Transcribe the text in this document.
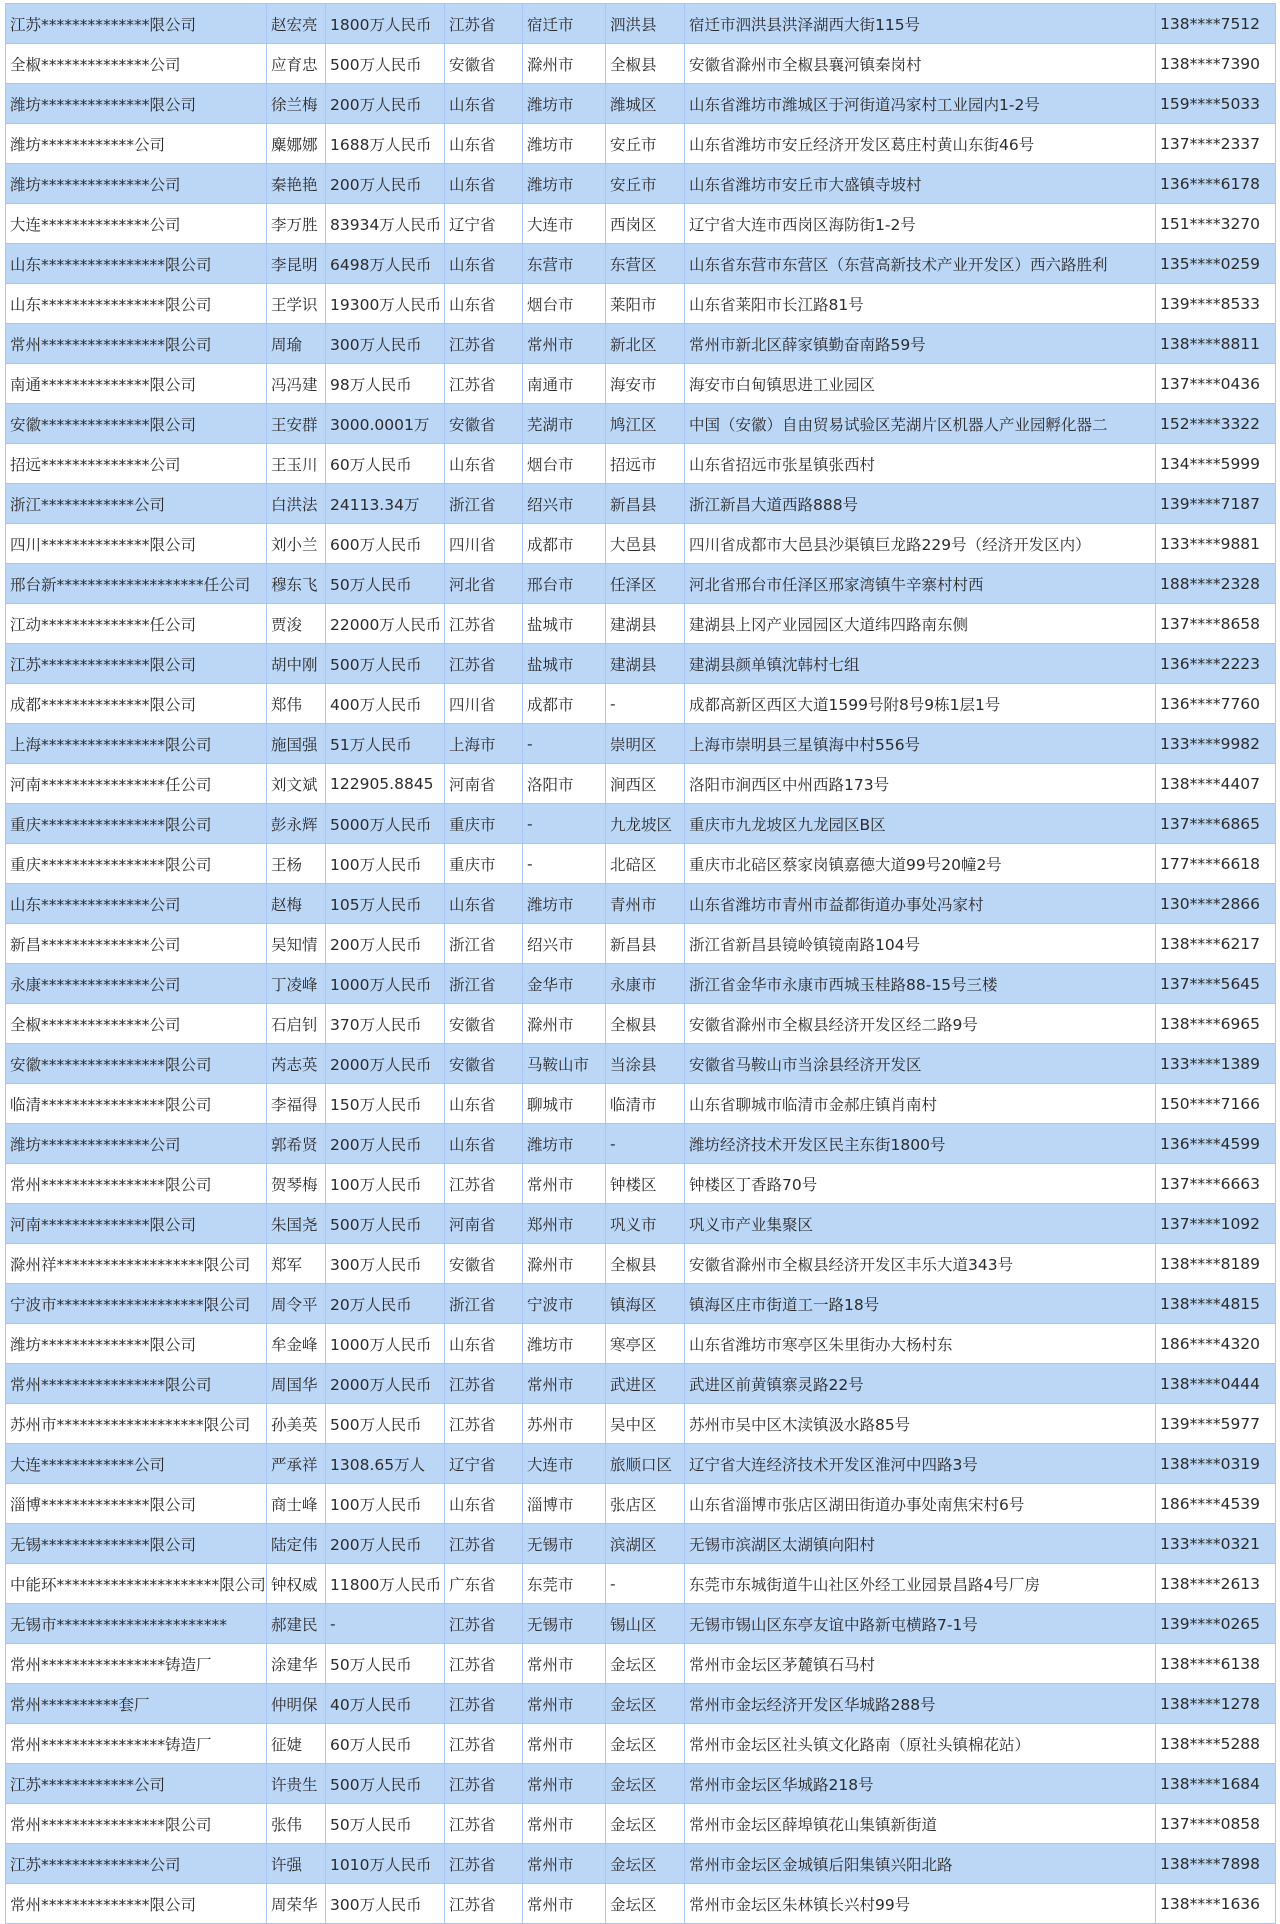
江苏**************限公司	赵宏亮	1800万人民币	江苏省	宿迁市	泗洪县	宿迁市泗洪县洪泽湖西大街115号	138****7512
全椒**************公司	应育忠	500万人民币	安徽省	滁州市	全椒县	安徽省滁州市全椒县襄河镇秦岗村	138****7390
潍坊**************限公司	徐兰梅	200万人民币	山东省	潍坊市	潍城区	山东省潍坊市潍城区于河街道冯家村工业园内1-2号	159****5033
潍坊************公司	麋娜娜	1688万人民币	山东省	潍坊市	安丘市	山东省潍坊市安丘经济开发区葛庄村黄山东街46号	137****2337
潍坊**************公司	秦艳艳	200万人民币	山东省	潍坊市	安丘市	山东省潍坊市安丘市大盛镇寺坡村	136****6178
大连**************公司	李万胜	83934万人民币	辽宁省	大连市	西岗区	辽宁省大连市西岗区海防街1-2号	151****3270
山东****************限公司	李昆明	6498万人民币	山东省	东营市	东营区	山东省东营市东营区（东营高新技术产业开发区）西六路胜利	135****0259
山东****************限公司	王学识	19300万人民币	山东省	烟台市	莱阳市	山东省莱阳市长江路81号	139****8533
常州****************限公司	周瑜	300万人民币	江苏省	常州市	新北区	常州市新北区薛家镇勤奋南路59号	138****8811
南通**************限公司	冯冯建	98万人民币	江苏省	南通市	海安市	海安市白甸镇思进工业园区	137****0436
安徽**************限公司	王安群	3000.0001万	安徽省	芜湖市	鸠江区	中国（安徽）自由贸易试验区芜湖片区机器人产业园孵化器二	152****3322
招远**************公司	王玉川	60万人民币	山东省	烟台市	招远市	山东省招远市张星镇张西村	134****5999
浙江************公司	白洪法	24113.34万	浙江省	绍兴市	新昌县	浙江新昌大道西路888号	139****7187
四川**************限公司	刘小兰	600万人民币	四川省	成都市	大邑县	四川省成都市大邑县沙渠镇巨龙路229号（经济开发区内）	133****9881
邢台新*******************任公司	穆东飞	50万人民币	河北省	邢台市	任泽区	河北省邢台市任泽区邢家湾镇牛辛寨村村西	188****2328
江动**************任公司	贾浚	22000万人民币	江苏省	盐城市	建湖县	建湖县上冈产业园园区大道纬四路南东侧	137****8658
江苏**************限公司	胡中刚	500万人民币	江苏省	盐城市	建湖县	建湖县颜单镇沈韩村七组	136****2223
成都**************限公司	郑伟	400万人民币	四川省	成都市	-	成都高新区西区大道1599号附8号9栋1层1号	136****7760
上海****************限公司	施国强	51万人民币	上海市	-	崇明区	上海市崇明县三星镇海中村556号	133****9982
河南****************任公司	刘文斌	122905.8845	河南省	洛阳市	涧西区	洛阳市涧西区中州西路173号	138****4407
重庆****************限公司	彭永辉	5000万人民币	重庆市	-	九龙坡区	重庆市九龙坡区九龙园区B区	137****6865
重庆****************限公司	王杨	100万人民币	重庆市	-	北碚区	重庆市北碚区蔡家岗镇嘉德大道99号20幢2号	177****6618
山东**************公司	赵梅	105万人民币	山东省	潍坊市	青州市	山东省潍坊市青州市益都街道办事处冯家村	130****2866
新昌**************公司	吴知情	200万人民币	浙江省	绍兴市	新昌县	浙江省新昌县镜岭镇镜南路104号	138****6217
永康**************公司	丁凌峰	1000万人民币	浙江省	金华市	永康市	浙江省金华市永康市西城玉桂路88-15号三楼	137****5645
全椒**************公司	石启钊	370万人民币	安徽省	滁州市	全椒县	安徽省滁州市全椒县经济开发区经二路9号	138****6965
安徽****************限公司	芮志英	2000万人民币	安徽省	马鞍山市	当涂县	安徽省马鞍山市当涂县经济开发区	133****1389
临清****************限公司	李福得	150万人民币	山东省	聊城市	临清市	山东省聊城市临清市金郝庄镇肖南村	150****7166
潍坊**************公司	郭希贤	200万人民币	山东省	潍坊市	-	潍坊经济技术开发区民主东街1800号	136****4599
常州****************限公司	贺琴梅	100万人民币	江苏省	常州市	钟楼区	钟楼区丁香路70号	137****6663
河南**************限公司	朱国尧	500万人民币	河南省	郑州市	巩义市	巩义市产业集聚区	137****1092
滁州祥*******************限公司	郑军	300万人民币	安徽省	滁州市	全椒县	安徽省滁州市全椒县经济开发区丰乐大道343号	138****8189
宁波市*******************限公司	周令平	20万人民币	浙江省	宁波市	镇海区	镇海区庄市街道工一路18号	138****4815
潍坊**************限公司	牟金峰	1000万人民币	山东省	潍坊市	寒亭区	山东省潍坊市寒亭区朱里街办大杨村东	186****4320
常州****************限公司	周国华	2000万人民币	江苏省	常州市	武进区	武进区前黄镇寨灵路22号	138****0444
苏州市*******************限公司	孙美英	500万人民币	江苏省	苏州市	吴中区	苏州市吴中区木渎镇汲水路85号	139****5977
大连************公司	严承祥	1308.65万人	辽宁省	大连市	旅顺口区	辽宁省大连经济技术开发区淮河中四路3号	138****0319
淄博**************限公司	商士峰	100万人民币	山东省	淄博市	张店区	山东省淄博市张店区湖田街道办事处南焦宋村6号	186****4539
无锡**************限公司	陆定伟	200万人民币	江苏省	无锡市	滨湖区	无锡市滨湖区太湖镇向阳村	133****0321
中能环*********************限公司	钟权威	11800万人民币	广东省	东莞市	-	东莞市东城街道牛山社区外经工业园景昌路4号厂房	138****2613
无锡市**********************	郝建民	-	江苏省	无锡市	锡山区	无锡市锡山区东亭友谊中路新屯横路7-1号	139****0265
常州****************铸造厂	涂建华	50万人民币	江苏省	常州市	金坛区	常州市金坛区茅麓镇石马村	138****6138
常州**********套厂	仲明保	40万人民币	江苏省	常州市	金坛区	常州市金坛经济开发区华城路288号	138****1278
常州****************铸造厂	征婕	60万人民币	江苏省	常州市	金坛区	常州市金坛区社头镇文化路南（原社头镇棉花站）	138****5288
江苏************公司	许贵生	500万人民币	江苏省	常州市	金坛区	常州市金坛区华城路218号	138****1684
常州****************限公司	张伟	50万人民币	江苏省	常州市	金坛区	常州市金坛区薛埠镇花山集镇新街道	137****0858
江苏**************公司	许强	1010万人民币	江苏省	常州市	金坛区	常州市金坛区金城镇后阳集镇兴阳北路	138****7898
常州**************限公司	周荣华	300万人民币	江苏省	常州市	金坛区	常州市金坛区朱林镇长兴村99号	138****1636
